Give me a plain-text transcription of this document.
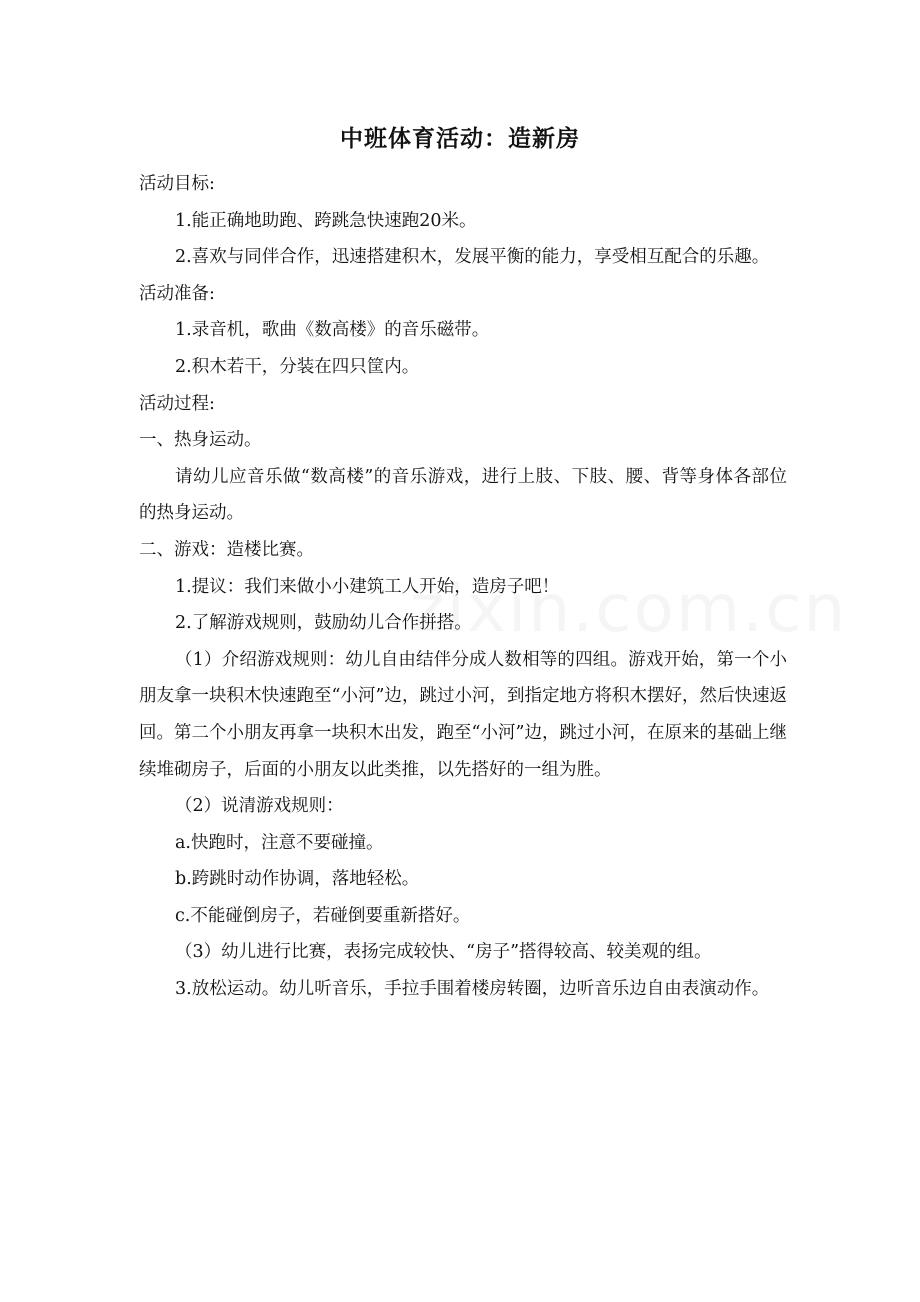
中班体育活动：造新房

活动目标:

1.能正确地助跑、跨跳急快速跑20米。

2.喜欢与同伴合作，迅速搭建积木，发展平衡的能力，享受相互配合的乐趣。

活动准备:

1.录音机，歌曲《数高楼》的音乐磁带。

2.积木若干，分装在四只筐内。

活动过程:

一、热身运动。

请幼儿应音乐做“数高楼”的音乐游戏，进行上肢、下肢、腰、背等身体各部位的热身运动。

二、游戏：造楼比赛。

1.提议：我们来做小小建筑工人开始，造房子吧！

2.了解游戏规则，鼓励幼儿合作拼搭。

（1）介绍游戏规则：幼儿自由结伴分成人数相等的四组。游戏开始，第一个小朋友拿一块积木快速跑至“小河”边，跳过小河，到指定地方将积木摆好，然后快速返回。第二个小朋友再拿一块积木出发，跑至“小河”边，跳过小河，在原来的基础上继续堆砌房子，后面的小朋友以此类推，以先搭好的一组为胜。

（2）说清游戏规则：

a.快跑时，注意不要碰撞。

b.跨跳时动作协调，落地轻松。

c.不能碰倒房子，若碰倒要重新搭好。

（3）幼儿进行比赛，表扬完成较快、“房子”搭得较高、较美观的组。

3.放松运动。幼儿听音乐，手拉手围着楼房转圈，边听音乐边自由表演动作。
